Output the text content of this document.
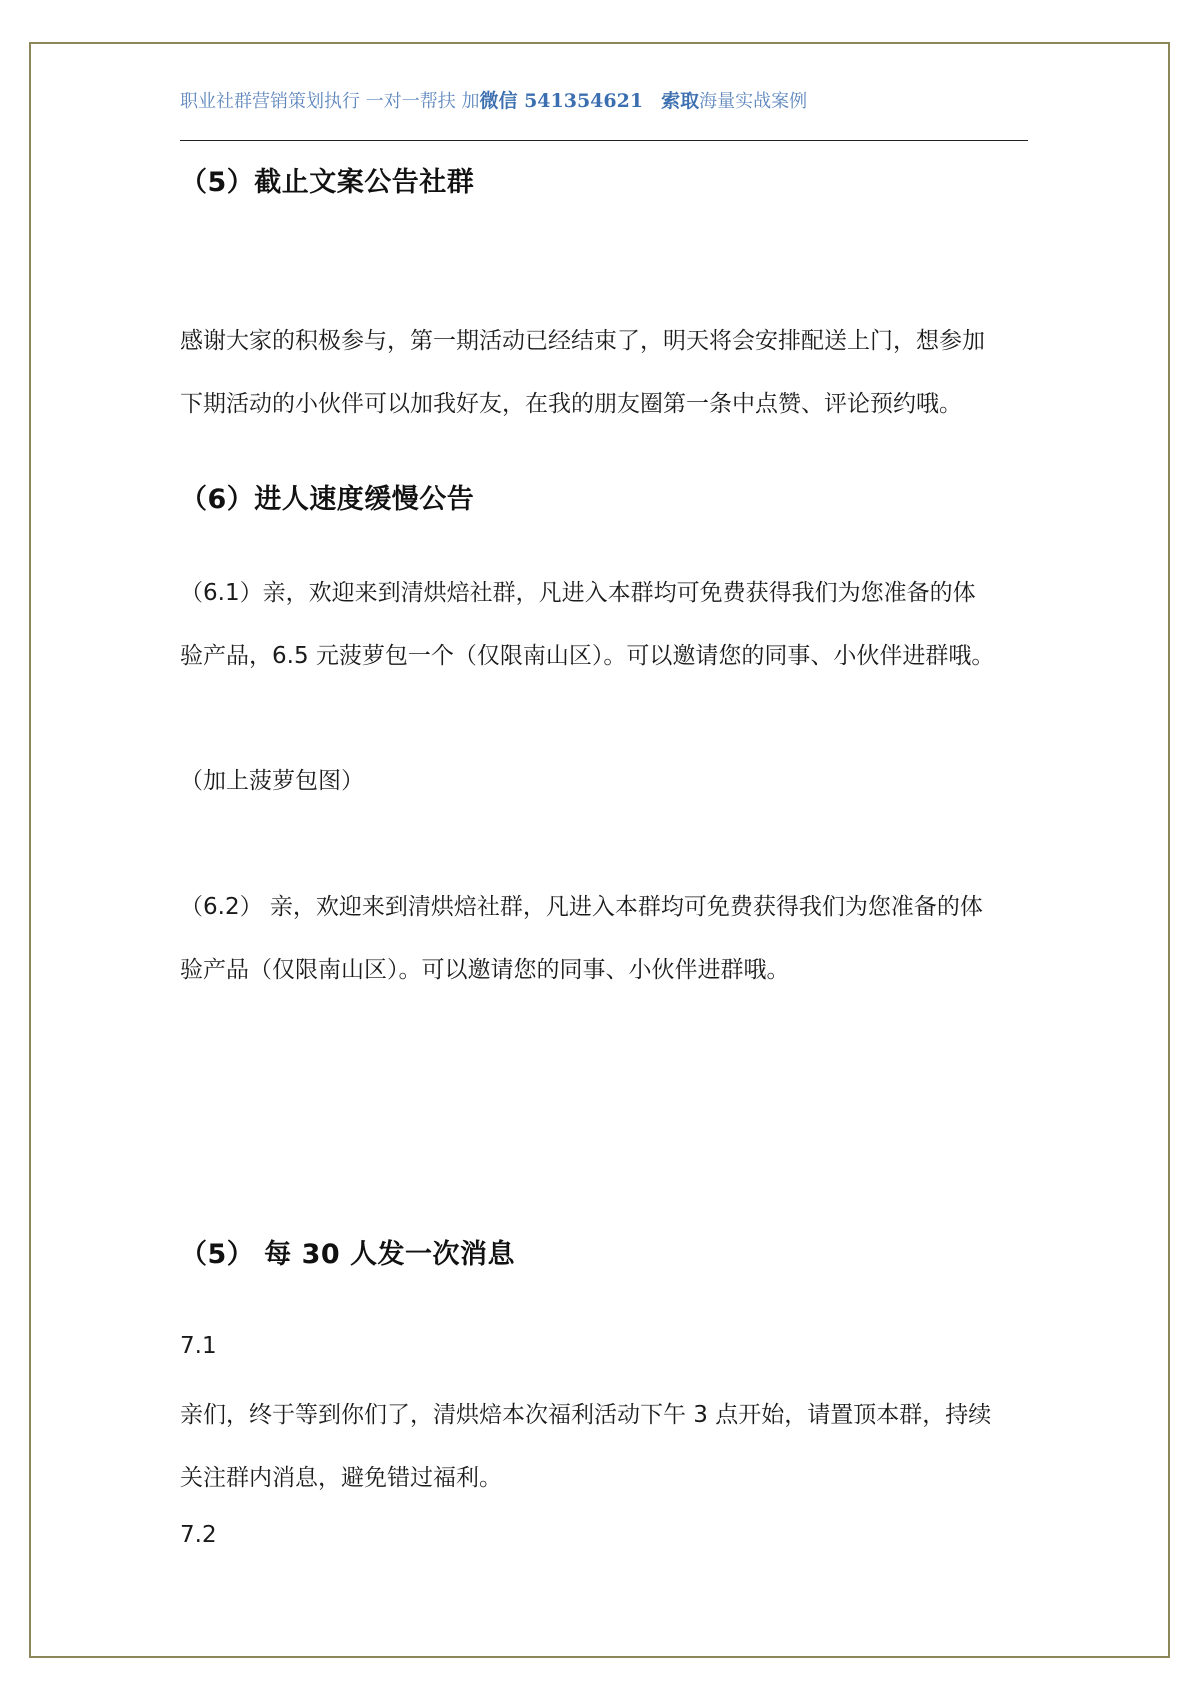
职业社群营销策划执行 一对一帮扶 加微信 541354621 索取海量实战案例
（5）截止文案公告社群
感谢大家的积极参与，第一期活动已经结束了，明天将会安排配送上门，想参加
下期活动的小伙伴可以加我好友，在我的朋友圈第一条中点赞、评论预约哦。
（6）进人速度缓慢公告
（6.1）亲，欢迎来到清烘焙社群，凡进入本群均可免费获得我们为您准备的体
验产品，6.5 元菠萝包一个（仅限南山区）。可以邀请您的同事、小伙伴进群哦。
（加上菠萝包图）
（6.2） 亲，欢迎来到清烘焙社群，凡进入本群均可免费获得我们为您准备的体
验产品（仅限南山区）。可以邀请您的同事、小伙伴进群哦。
（5） 每 30 人发一次消息
7.1
亲们，终于等到你们了，清烘焙本次福利活动下午 3 点开始，请置顶本群，持续
关注群内消息，避免错过福利。
7.2
